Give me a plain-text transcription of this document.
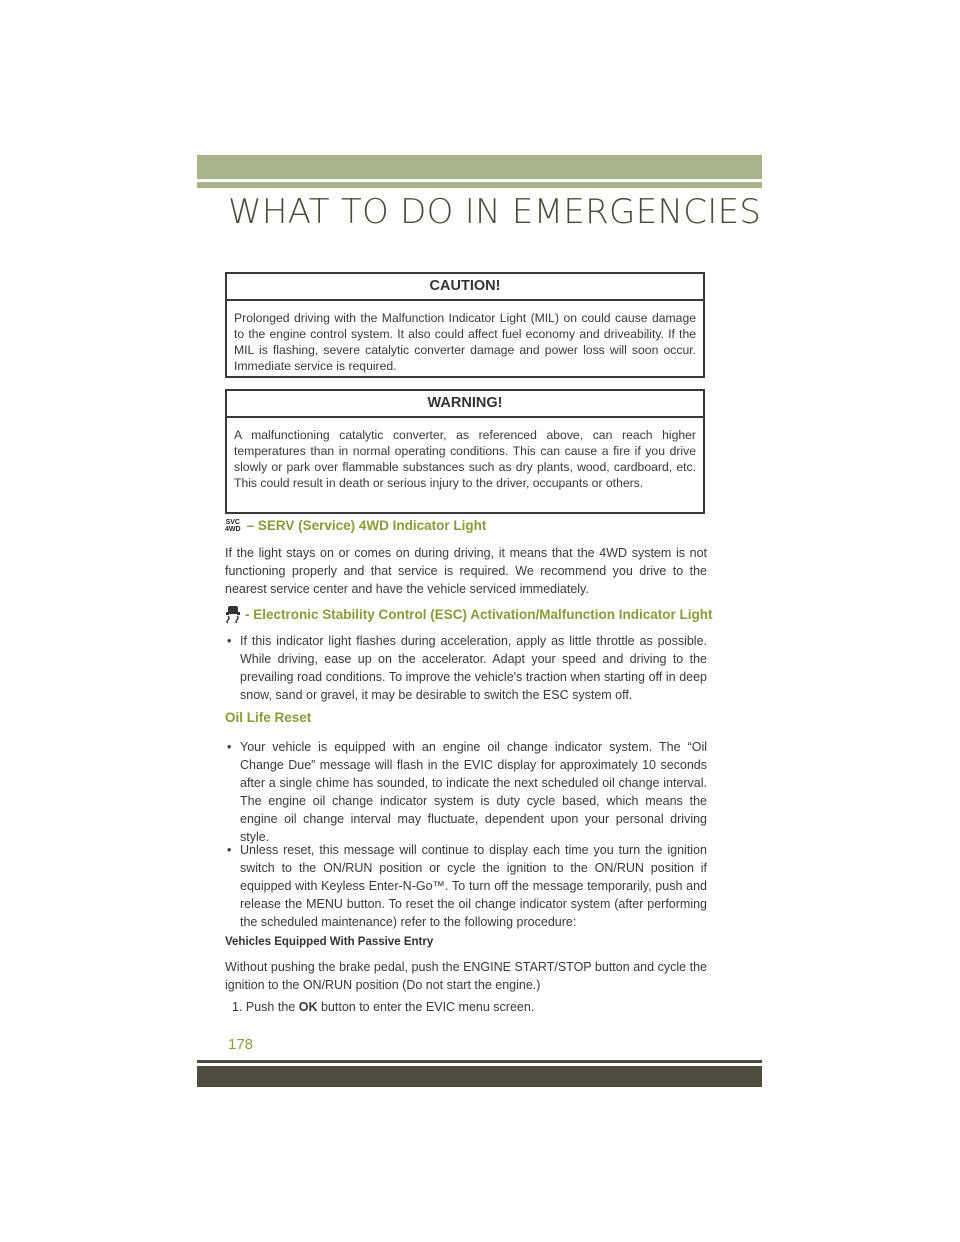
WHAT TO DO IN EMERGENCIES
CAUTION!
Prolonged driving with the Malfunction Indicator Light (MIL) on could cause damage to the engine control system. It also could affect fuel economy and driveability. If the MIL is flashing, severe catalytic converter damage and power loss will soon occur. Immediate service is required.
WARNING!
A malfunctioning catalytic converter, as referenced above, can reach higher temperatures than in normal operating conditions. This can cause a fire if you drive slowly or park over flammable substances such as dry plants, wood, cardboard, etc. This could result in death or serious injury to the driver, occupants or others.
SVC
4WD – SERV (Service) 4WD Indicator Light
If the light stays on or comes on during driving, it means that the 4WD system is not functioning properly and that service is required. We recommend you drive to the nearest service center and have the vehicle serviced immediately.
- Electronic Stability Control (ESC) Activation/Malfunction Indicator Light
• If this indicator light flashes during acceleration, apply as little throttle as possible. While driving, ease up on the accelerator. Adapt your speed and driving to the prevailing road conditions. To improve the vehicle's traction when starting off in deep snow, sand or gravel, it may be desirable to switch the ESC system off.
Oil Life Reset
• Your vehicle is equipped with an engine oil change indicator system. The “Oil Change Due” message will flash in the EVIC display for approximately 10 seconds after a single chime has sounded, to indicate the next scheduled oil change interval. The engine oil change indicator system is duty cycle based, which means the engine oil change interval may fluctuate, dependent upon your personal driving style.
• Unless reset, this message will continue to display each time you turn the ignition switch to the ON/RUN position or cycle the ignition to the ON/RUN position if equipped with Keyless Enter-N-Go™. To turn off the message temporarily, push and release the MENU button. To reset the oil change indicator system (after performing the scheduled maintenance) refer to the following procedure:
Vehicles Equipped With Passive Entry
Without pushing the brake pedal, push the ENGINE START/STOP button and cycle the ignition to the ON/RUN position (Do not start the engine.)
1. Push the OK button to enter the EVIC menu screen.
178
